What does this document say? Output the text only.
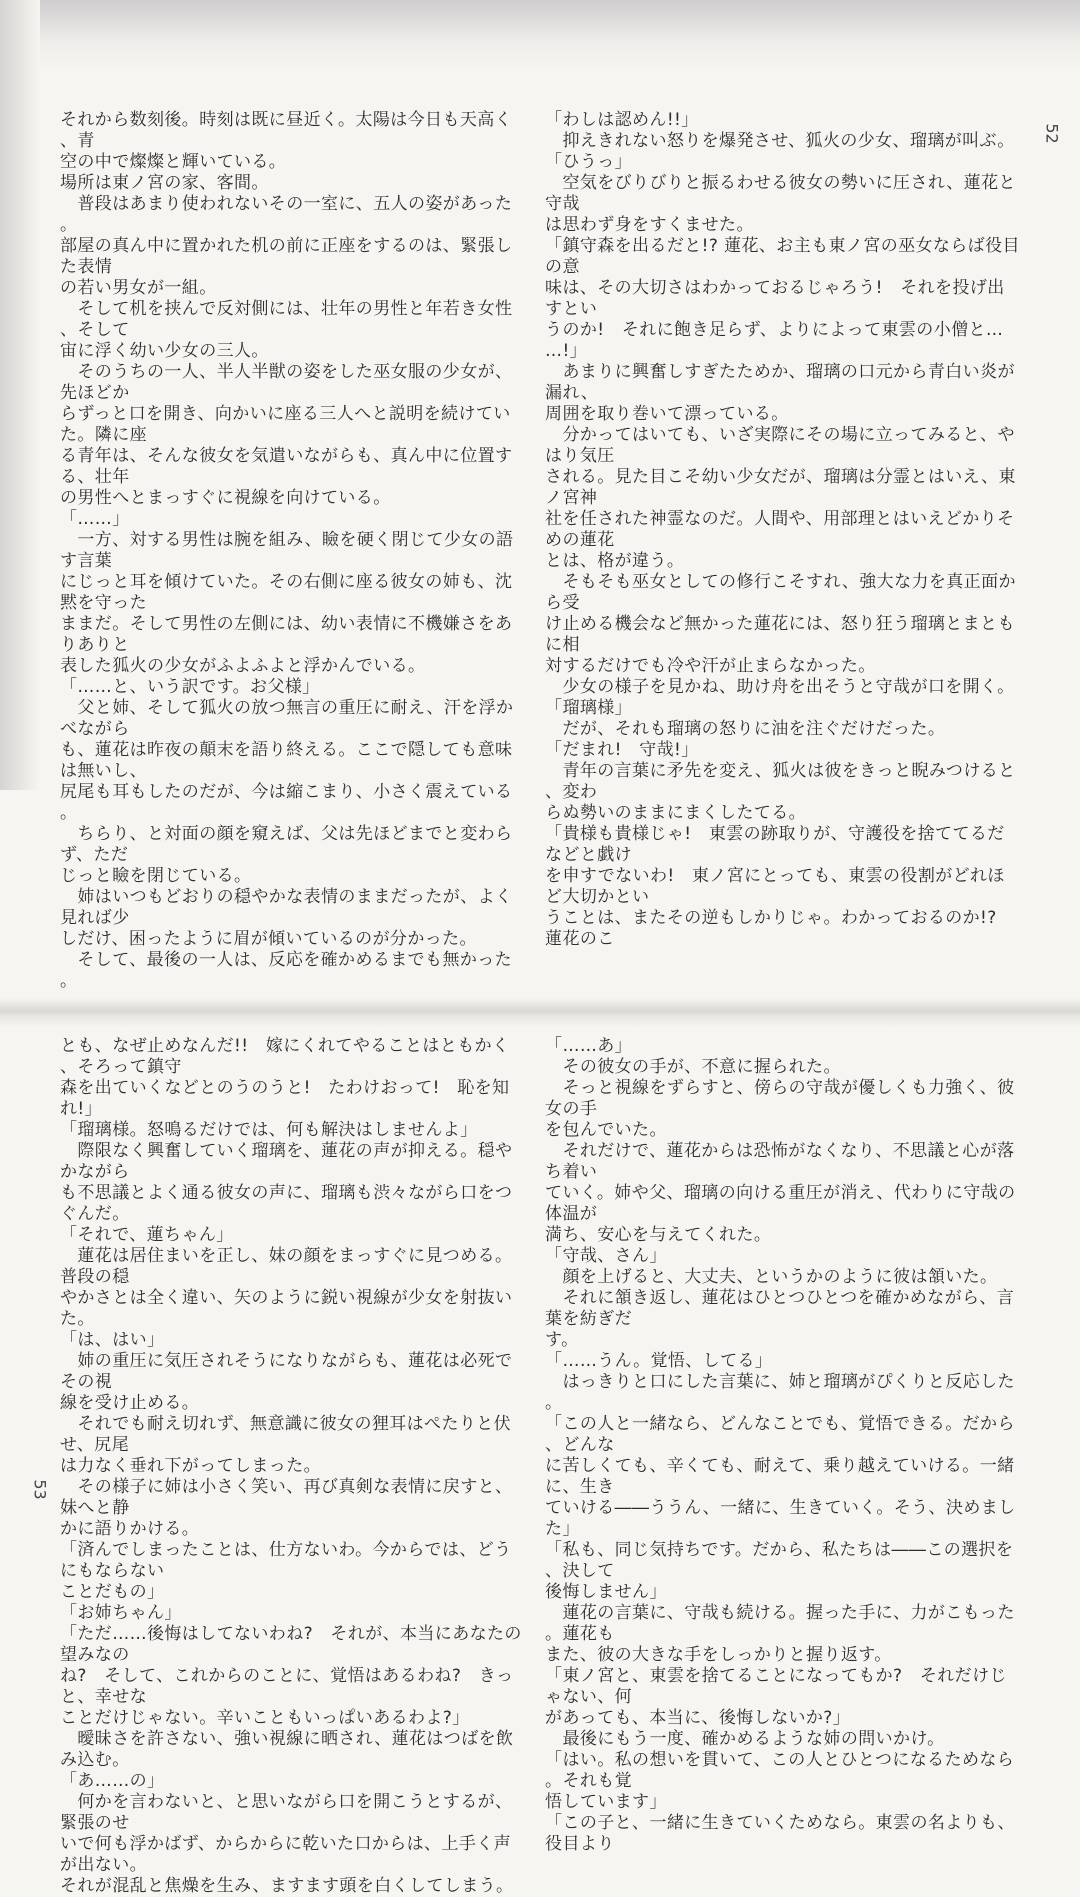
52
それから数刻後。時刻は既に昼近く。太陽は今日も天高く、青
空の中で燦燦と輝いている。
場所は東ノ宮の家、客間。
　普段はあまり使われないその一室に、五人の姿があった。
部屋の真ん中に置かれた机の前に正座をするのは、緊張した表情
の若い男女が一組。
　そして机を挟んで反対側には、壮年の男性と年若き女性、そして
宙に浮く幼い少女の三人。
　そのうちの一人、半人半獣の姿をした巫女服の少女が、先ほどか
らずっと口を開き、向かいに座る三人へと説明を続けていた。隣に座
る青年は、そんな彼女を気遣いながらも、真ん中に位置する、壮年
の男性へとまっすぐに視線を向けている。
「……」
　一方、対する男性は腕を組み、瞼を硬く閉じて少女の語す言葉
にじっと耳を傾けていた。その右側に座る彼女の姉も、沈黙を守った
ままだ。そして男性の左側には、幼い表情に不機嫌さをありありと
表した狐火の少女がふよふよと浮かんでいる。
「……と、いう訳です。お父様」
　父と姉、そして狐火の放つ無言の重圧に耐え、汗を浮かべながら
も、蓮花は昨夜の顛末を語り終える。ここで隠しても意味は無いし、
尻尾も耳もしたのだが、今は縮こまり、小さく震えている。
　ちらり、と対面の顔を窺えば、父は先ほどまでと変わらず、ただ
じっと瞼を閉じている。
　姉はいつもどおりの穏やかな表情のままだったが、よく見れば少
しだけ、困ったように眉が傾いているのが分かった。
　そして、最後の一人は、反応を確かめるまでも無かった。
「わしは認めん!!」
　抑えきれない怒りを爆発させ、狐火の少女、瑠璃が叫ぶ。
「ひうっ」
　空気をびりびりと振るわせる彼女の勢いに圧され、蓮花と守哉
は思わず身をすくませた。
「鎮守森を出るだと!? 蓮花、お主も東ノ宮の巫女ならば役目の意
味は、その大切さはわかっておるじゃろう!　それを投げ出すとい
うのか!　それに飽き足らず、よりによって東雲の小僧と……!」
　あまりに興奮しすぎたためか、瑠璃の口元から青白い炎が漏れ、
周囲を取り巻いて漂っている。
　分かってはいても、いざ実際にその場に立ってみると、やはり気圧
される。見た目こそ幼い少女だが、瑠璃は分霊とはいえ、東ノ宮神
社を任された神霊なのだ。人間や、用部理とはいえどかりそめの蓮花
とは、格が違う。
　そもそも巫女としての修行こそすれ、強大な力を真正面から受
け止める機会など無かった蓮花には、怒り狂う瑠璃とまともに相
対するだけでも冷や汗が止まらなかった。
　少女の様子を見かね、助け舟を出そうと守哉が口を開く。
「瑠璃様」
　だが、それも瑠璃の怒りに油を注ぐだけだった。
「だまれ!　守哉!」
　青年の言葉に矛先を変え、狐火は彼をきっと睨みつけると、変わ
らぬ勢いのままにまくしたてる。
「貴様も貴様じゃ!　東雲の跡取りが、守護役を捨ててるだなどと戯け
を申すでないわ!　東ノ宮にとっても、東雲の役割がどれほど大切かとい
うことは、またその逆もしかりじゃ。わかっておるのか!?　蓮花のこ
とも、なぜ止めなんだ!!　嫁にくれてやることはともかく、そろって鎮守
森を出ていくなどとのうのうと!　たわけおって!　恥を知れ!」
「瑠璃様。怒鳴るだけでは、何も解決はしませんよ」
　際限なく興奮していく瑠璃を、蓮花の声が抑える。穏やかながら
も不思議とよく通る彼女の声に、瑠璃も渋々ながら口をつぐんだ。
「それで、蓮ちゃん」
　蓮花は居住まいを正し、妹の顔をまっすぐに見つめる。普段の穏
やかさとは全く違い、矢のように鋭い視線が少女を射抜いた。
「は、はい」
　姉の重圧に気圧されそうになりながらも、蓮花は必死でその視
線を受け止める。
　それでも耐え切れず、無意識に彼女の狸耳はぺたりと伏せ、尻尾
は力なく垂れ下がってしまった。
　その様子に姉は小さく笑い、再び真剣な表情に戻すと、妹へと静
かに語りかける。
「済んでしまったことは、仕方ないわ。今からでは、どうにもならない
ことだもの」
「お姉ちゃん」
「ただ……後悔はしてないわね?　それが、本当にあなたの望みなの
ね?　そして、これからのことに、覚悟はあるわね?　きっと、幸せな
ことだけじゃない。辛いこともいっぱいあるわよ?」
　曖昧さを許さない、強い視線に晒され、蓮花はつばを飲み込む。
「あ……の」
　何かを言わないと、と思いながら口を開こうとするが、緊張のせ
いで何も浮かばず、からからに乾いた口からは、上手く声が出ない。
それが混乱と焦燥を生み、ますます頭を白くしてしまう。
「……あ」
　その彼女の手が、不意に握られた。
　そっと視線をずらすと、傍らの守哉が優しくも力強く、彼女の手
を包んでいた。
　それだけで、蓮花からは恐怖がなくなり、不思議と心が落ち着い
ていく。姉や父、瑠璃の向ける重圧が消え、代わりに守哉の体温が
満ち、安心を与えてくれた。
「守哉、さん」
　顔を上げると、大丈夫、というかのように彼は頷いた。
　それに頷き返し、蓮花はひとつひとつを確かめながら、言葉を紡ぎだ
す。
「……うん。覚悟、してる」
　はっきりと口にした言葉に、姉と瑠璃がぴくりと反応した。
「この人と一緒なら、どんなことでも、覚悟できる。だから、どんな
に苦しくても、辛くても、耐えて、乗り越えていける。一緒に、生き
ていける――ううん、一緒に、生きていく。そう、決めました」
「私も、同じ気持ちです。だから、私たちは――この選択を、決して
後悔しません」
　蓮花の言葉に、守哉も続ける。握った手に、力がこもった。蓮花も
また、彼の大きな手をしっかりと握り返す。
「東ノ宮と、東雲を捨てることになってもか?　それだけじゃない、何
があっても、本当に、後悔しないか?」
　最後にもう一度、確かめるような姉の問いかけ。
「はい。私の想いを貫いて、この人とひとつになるためなら。それも覚
悟しています」
「この子と、一緒に生きていくためなら。東雲の名よりも、役目より
53
